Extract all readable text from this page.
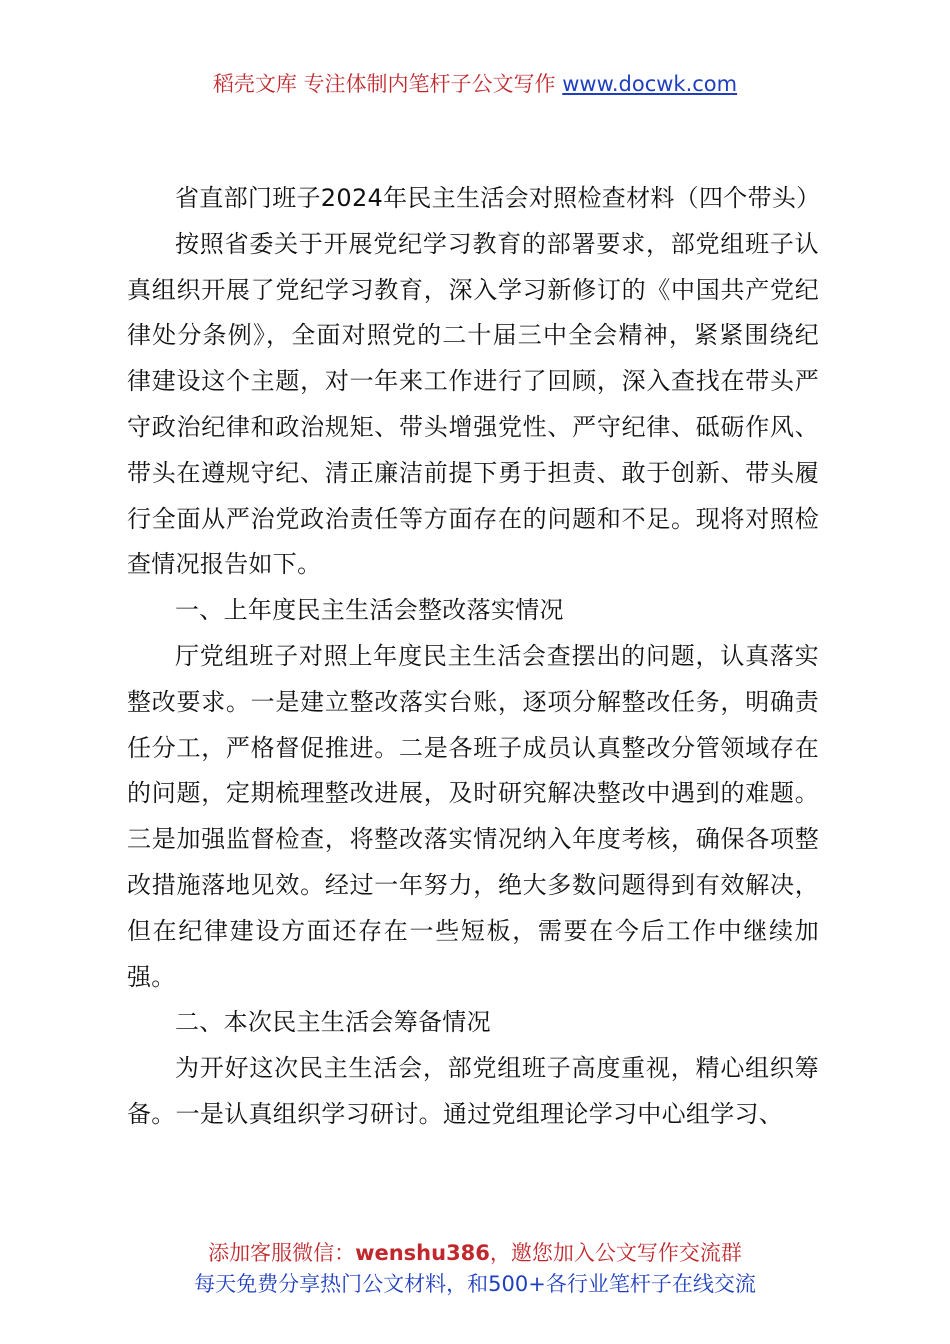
稻壳文库 专注体制内笔杆子公文写作 www.docwk.com

省直部门班子2024年民主生活会对照检查材料（四个带头）

按照省委关于开展党纪学习教育的部署要求，部党组班子认真组织开展了党纪学习教育，深入学习新修订的《中国共产党纪律处分条例》，全面对照党的二十届三中全会精神，紧紧围绕纪律建设这个主题，对一年来工作进行了回顾，深入查找在带头严守政治纪律和政治规矩、带头增强党性、严守纪律、砥砺作风、带头在遵规守纪、清正廉洁前提下勇于担责、敢于创新、带头履行全面从严治党政治责任等方面存在的问题和不足。现将对照检查情况报告如下。

一、上年度民主生活会整改落实情况

厅党组班子对照上年度民主生活会查摆出的问题，认真落实整改要求。一是建立整改落实台账，逐项分解整改任务，明确责任分工，严格督促推进。二是各班子成员认真整改分管领域存在的问题，定期梳理整改进展，及时研究解决整改中遇到的难题。三是加强监督检查，将整改落实情况纳入年度考核，确保各项整改措施落地见效。经过一年努力，绝大多数问题得到有效解决，但在纪律建设方面还存在一些短板，需要在今后工作中继续加强。

二、本次民主生活会筹备情况

为开好这次民主生活会，部党组班子高度重视，精心组织筹备。一是认真组织学习研讨。通过党组理论学习中心组学习、

添加客服微信：wenshu386，邀您加入公文写作交流群
每天免费分享热门公文材料，和500+各行业笔杆子在线交流
